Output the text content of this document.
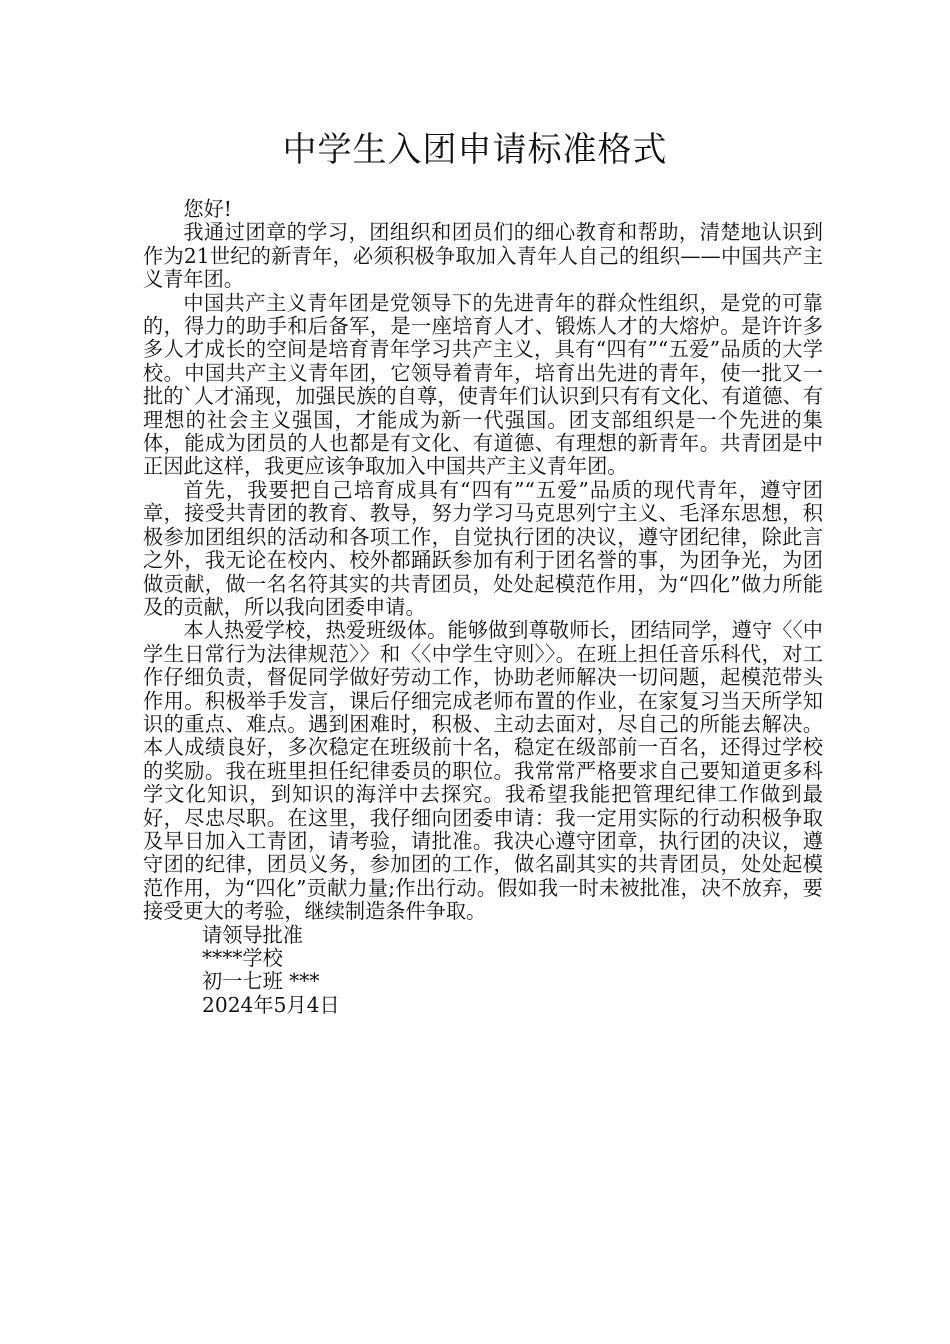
中学生入团申请标准格式

您好!

我通过团章的学习，团组织和团员们的细心教育和帮助，清楚地认识到作为21世纪的新青年，必须积极争取加入青年人自己的组织——中国共产主义青年团。

中国共产主义青年团是党领导下的先进青年的群众性组织，是党的可靠的，得力的助手和后备军，是一座培育人才、锻炼人才的大熔炉。是许许多多人才成长的空间是培育青年学习共产主义，具有“四有”“五爱”品质的大学校。中国共产主义青年团，它领导着青年，培育出先进的青年，使一批又一批的`人才涌现，加强民族的自尊，使青年们认识到只有有文化、有道德、有理想的社会主义强国，才能成为新一代强国。团支部组织是一个先进的集体，能成为团员的人也都是有文化、有道德、有理想的新青年。共青团是中正因此这样，我更应该争取加入中国共产主义青年团。

首先，我要把自己培育成具有“四有”“五爱”品质的现代青年，遵守团章，接受共青团的教育、教导，努力学习马克思列宁主义、毛泽东思想，积极参加团组织的活动和各项工作，自觉执行团的决议，遵守团纪律，除此言之外，我无论在校内、校外都踊跃参加有利于团名誉的事，为团争光，为团做贡献，做一名名符其实的共青团员，处处起模范作用，为“四化”做力所能及的贡献，所以我向团委申请。

本人热爱学校，热爱班级体。能够做到尊敬师长，团结同学，遵守〈〈中学生日常行为法律规范〉〉和〈〈中学生守则〉〉。在班上担任音乐科代，对工作仔细负责，督促同学做好劳动工作，协助老师解决一切问题，起模范带头作用。积极举手发言，课后仔细完成老师布置的作业，在家复习当天所学知识的重点、难点。遇到困难时，积极、主动去面对，尽自己的所能去解决。本人成绩良好，多次稳定在班级前十名，稳定在级部前一百名，还得过学校的奖励。我在班里担任纪律委员的职位。我常常严格要求自己要知道更多科学文化知识，到知识的海洋中去探究。我希望我能把管理纪律工作做到最好，尽忠尽职。在这里，我仔细向团委申请：我一定用实际的行动积极争取及早日加入工青团，请考验，请批准。我决心遵守团章，执行团的决议，遵守团的纪律，团员义务，参加团的工作，做名副其实的共青团员，处处起模范作用，为“四化”贡献力量;作出行动。假如我一时未被批准，决不放弃，要接受更大的考验，继续制造条件争取。

请领导批准
****学校
初一七班 ***
2024年5月4日
